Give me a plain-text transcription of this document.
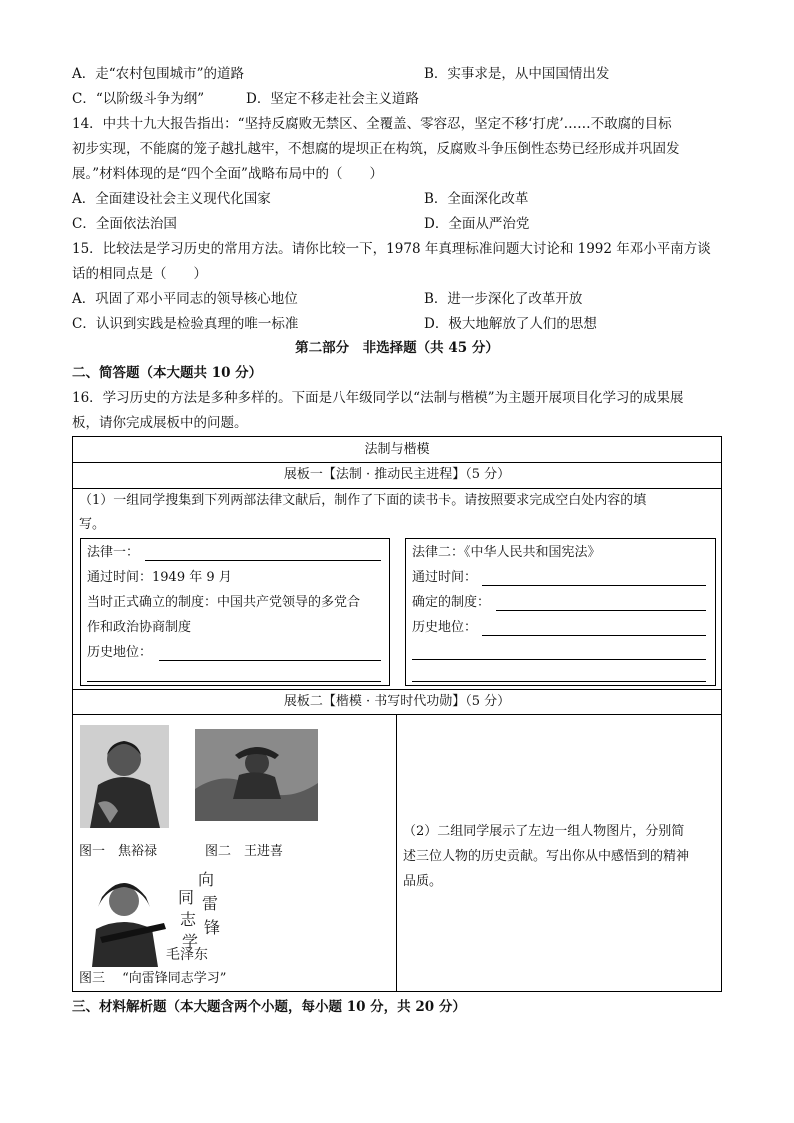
A．走“农村包围城市”的道路	B．实事求是，从中国国情出发
C．“以阶级斗争为纲”	D．坚定不移走社会主义道路
14．中共十九大报告指出：“坚持反腐败无禁区、全覆盖、零容忍，坚定不移‘打虎’……不敢腐的目标
初步实现，不能腐的笼子越扎越牢，不想腐的堤坝正在构筑，反腐败斗争压倒性态势已经形成并巩固发
展。”材料体现的是“四个全面”战略布局中的（　　）
A．全面建设社会主义现代化国家	B．全面深化改革
C．全面依法治国	D．全面从严治党
15．比较法是学习历史的常用方法。请你比较一下，1978 年真理标准问题大讨论和 1992 年邓小平南方谈
话的相同点是（　　）
A．巩固了邓小平同志的领导核心地位	B．进一步深化了改革开放
C．认识到实践是检验真理的唯一标准	D．极大地解放了人们的思想
第二部分　非选择题（共 45 分）
二、简答题（本大题共 10 分）
16．学习历史的方法是多种多样的。下面是八年级同学以“法制与楷模”为主题开展项目化学习的成果展
板，请你完成展板中的问题。
法制与楷模
展板一【法制 · 推动民主进程】（5 分）
（1）一组同学搜集到下列两部法律文献后，制作了下面的读书卡。请按照要求完成空白处内容的填
写。
法律一：
通过时间：1949 年 9 月
当时正式确立的制度：中国共产党领导的多党合
作和政治协商制度
历史地位：
法律二：《中华人民共和国宪法》
通过时间：
确定的制度：
历史地位：
展板二【楷模 · 书写时代功勋】（5 分）
图一　焦裕禄	图二　王进喜
向
同 雷
志 锋
学
毛泽东
图三　 “向雷锋同志学习”
（2）二组同学展示了左边一组人物图片，分别简
述三位人物的历史贡献。写出你从中感悟到的精神
品质。
三、材料解析题（本大题含两个小题，每小题 10 分，共 20 分）
